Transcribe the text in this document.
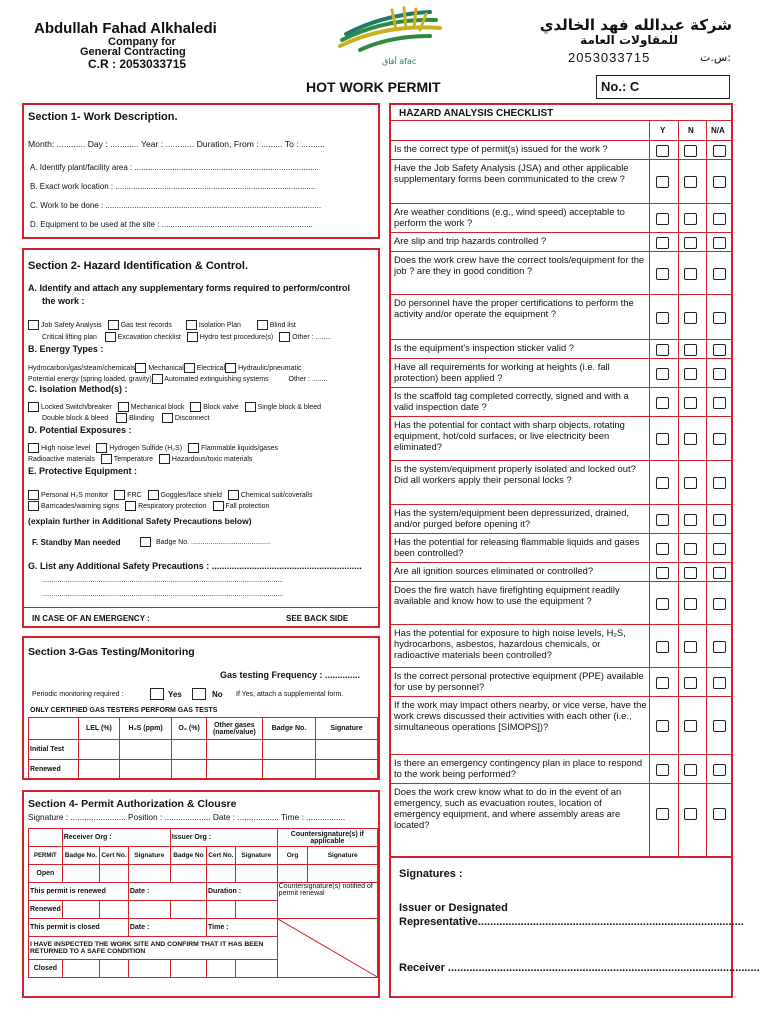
Abdullah Fahad Alkhaledi
Company for
General Contracting
C.R : 2053033715	أفاق afac
شركة عبدالله فهد الخالدي
للمقاولات العامة
2053033715	س.ت:
HOT WORK PERMIT	No.: C
Section 1- Work Description.
Month: ............ Day : ............ Year : ............ Duration, From : ......... To : ..........
A. Identify plant/facility area : ...................................................................................
B. Exact work location : ..........................................................................................
C. Work to be done : .................................................................................................
D. Equipment to be used at the site : ....................................................................
Section 2- Hazard Identification & Control.
A. Identify and attach any supplementary forms required to perform/control
the work :
Job Safety Analysis	Gas test records	Isolation Plan	Blind list
Critical lifting plan	Excavation checklist	Hydro test procedure(s)	Other : ........
B. Energy Types :
Hydrocarbon/gas/steam/chemicals Mechanical Electrical Hydraulic/pneumatic
Potential energy (spring loaded, gravity) Automated extinguishing systems	Other : ........
C. Isolation Method(s) :
Locked Switch/breaker	Mechanical block	Block valve	Single block & bleed
Double block & bleed	Blinding	Disconnect
D. Potential Exposures :
High noise level	Hydrogen Sulfide (H₂S)	Flammable liquids/gases
Radioactive materials	Temperature	Hazardous/toxic materials
E. Protective Equipment :
Personal H₂S monitor	FRC	Goggles/face shield	Chemical suit/coveralls
Barricades/warning signs	Respiratory protection	Fall protection
(explain further in Additional Safety Precautions below)
F. Standby Man needed	Badge No. .........................................
G. List any Additional Safety Precautions : ............................................................
............................................................................................................................
............................................................................................................................
IN CASE OF AN EMERGENCY :	SEE BACK SIDE
Section 3-Gas Testing/Monitoring
Gas testing Frequency : ..............
Periodic monitoring required :	Yes	No If Yes, attach a supplemental form.
ONLY CERTIFIED GAS TESTERS PERFORM GAS TESTS
	LEL (%)	H₂S (ppm)	O₂ (%)	Other gases (name/value)	Badge No.	Signature
Initial Test						
Renewed						
Section 4- Permit Authorization & Clousre
Signature : ........................ Position : .................... Date : .................. Time : .................
	Receiver Org :			Issuer Org :			Countersignature(s) if applicable	
PERMIT	Badge No.	Cert No.	Signature	Badge No	Cert No.	Signature	Org	Signature
Open								
This permit is renewed			Date :		Duration :		Countersignature(s) notified of permit renewal	
Renewed								
This permit is closed			Date :		Time :	

I HAVE INSPECTED THE WORK SITE AND CONFIRM THAT IT HAS BEEN RETURNED TO A SAFE CONDITION								
Closed								
HAZARD ANALYSIS CHECKLIST
Y	N N/A
Is the correct type of permit(s) issued for the work ?
Have the Job Safety Analysis (JSA) and other applicable supplementary forms been communicated to the crew ?
Are weather conditions (e.g., wind speed) acceptable to perform the work ?
Are slip and trip hazards controlled ?
Does the work crew have the correct tools/equipment for the job ? are they in good condition ?
Do personnel have the proper certifications to perform the activity and/or operate the equipment ?
Is the equipment's inspection sticker valid ?
Have all requirements for working at heights (i.e. fall protection) been applied ?
Is the scaffold tag completed correctly, signed and with a valid inspection date ?
Has the potential for contact with sharp objects, rotating equipment, hot/cold surfaces, or live electricity been eliminated?
Is the system/equipment properly isolated and locked out? Did all workers apply their personal locks ?
Has the system/equipment been depressurized, drained, and/or purged before opening it?
Has the potential for releasing flammable liquids and gases been controlled?
Are all ignition sources eliminated or controlled?
Does the fire watch have firefighting equipment readily available and know how to use the equipment ?
Has the potential for exposure to high noise levels, H₂S, hydrocarbons, asbestos, hazardous chemicals, or radioactive materials been controlled?
Is the correct personal protective equipment (PPE) available for use by personnel?
If the work may impact others nearby, or vice verse, have the work crews discussed their activities with each other (i.e., simultaneous operations [SIMOPS])?
Is there an emergency contingency plan in place to respond to the work being performed?
Does the work crew know what to do in the event of an emergency, such as evacuation routes, location of emergency equipment, and where assembly areas are located?
Signatures :
Issuer or Designated
Representative.......................................................................................
Receiver ......................................................................................................
